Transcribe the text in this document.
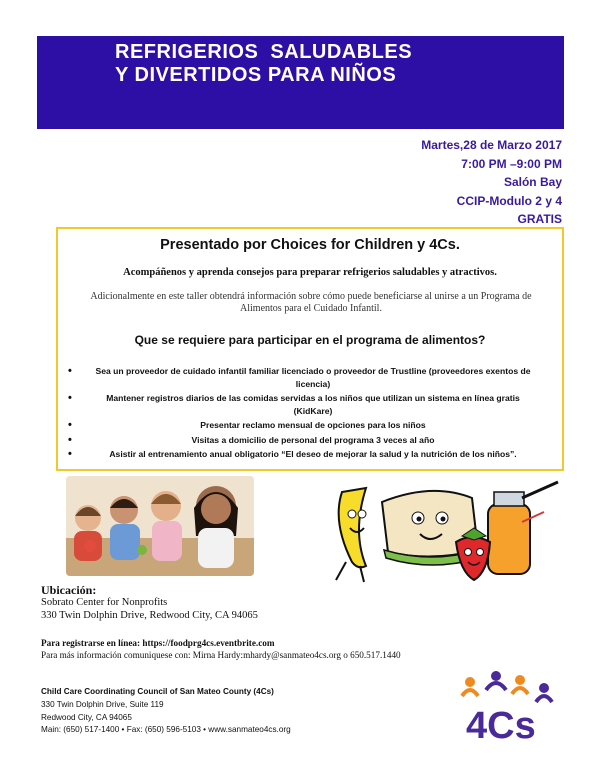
REFRIGERIOS  SALUDABLES
Y DIVERTIDOS PARA NIÑOS
Martes,28 de Marzo 2017
7:00 PM –9:00 PM
Salón Bay
CCIP-Modulo 2 y 4
GRATIS
Presentado por Choices for Children y 4Cs.
Acompáñenos y aprenda consejos para preparar refrigerios saludables y atractivos.
Adicionalmente en este taller obtendrá información sobre cómo puede beneficiarse al unirse a un Programa de Alimentos para el Cuidado Infantil.
Que se requiere para participar en el programa de alimentos?
•	Sea un proveedor de cuidado infantil familiar licenciado o proveedor de Trustline (proveedores exentos de licencia)
•	Mantener registros diarios de las comidas servidas a los niños que utilizan un sistema en línea gratis (KidKare)
•	Presentar reclamo mensual de opciones para los niños
•	Visitas a domicilio de personal del programa 3 veces al año
•	Asistir al entrenamiento anual obligatorio “El deseo de mejorar la salud y la nutrición de los niños”.
Ubicación:
Sobrato Center for Nonprofits
330 Twin Dolphin Drive, Redwood City, CA 94065
Para registrarse en línea: https://foodprg4cs.eventbrite.com
Para más información comuniquese con: Mirna Hardy:mhardy@sanmateo4cs.org o 650.517.1440
Child Care Coordinating Council of San Mateo County (4Cs)
330 Twin Dolphin Drive, Suite 119
Redwood City, CA 94065
Main: (650) 517-1400 • Fax: (650) 596-5103 • www.sanmateo4cs.org	4Cs
